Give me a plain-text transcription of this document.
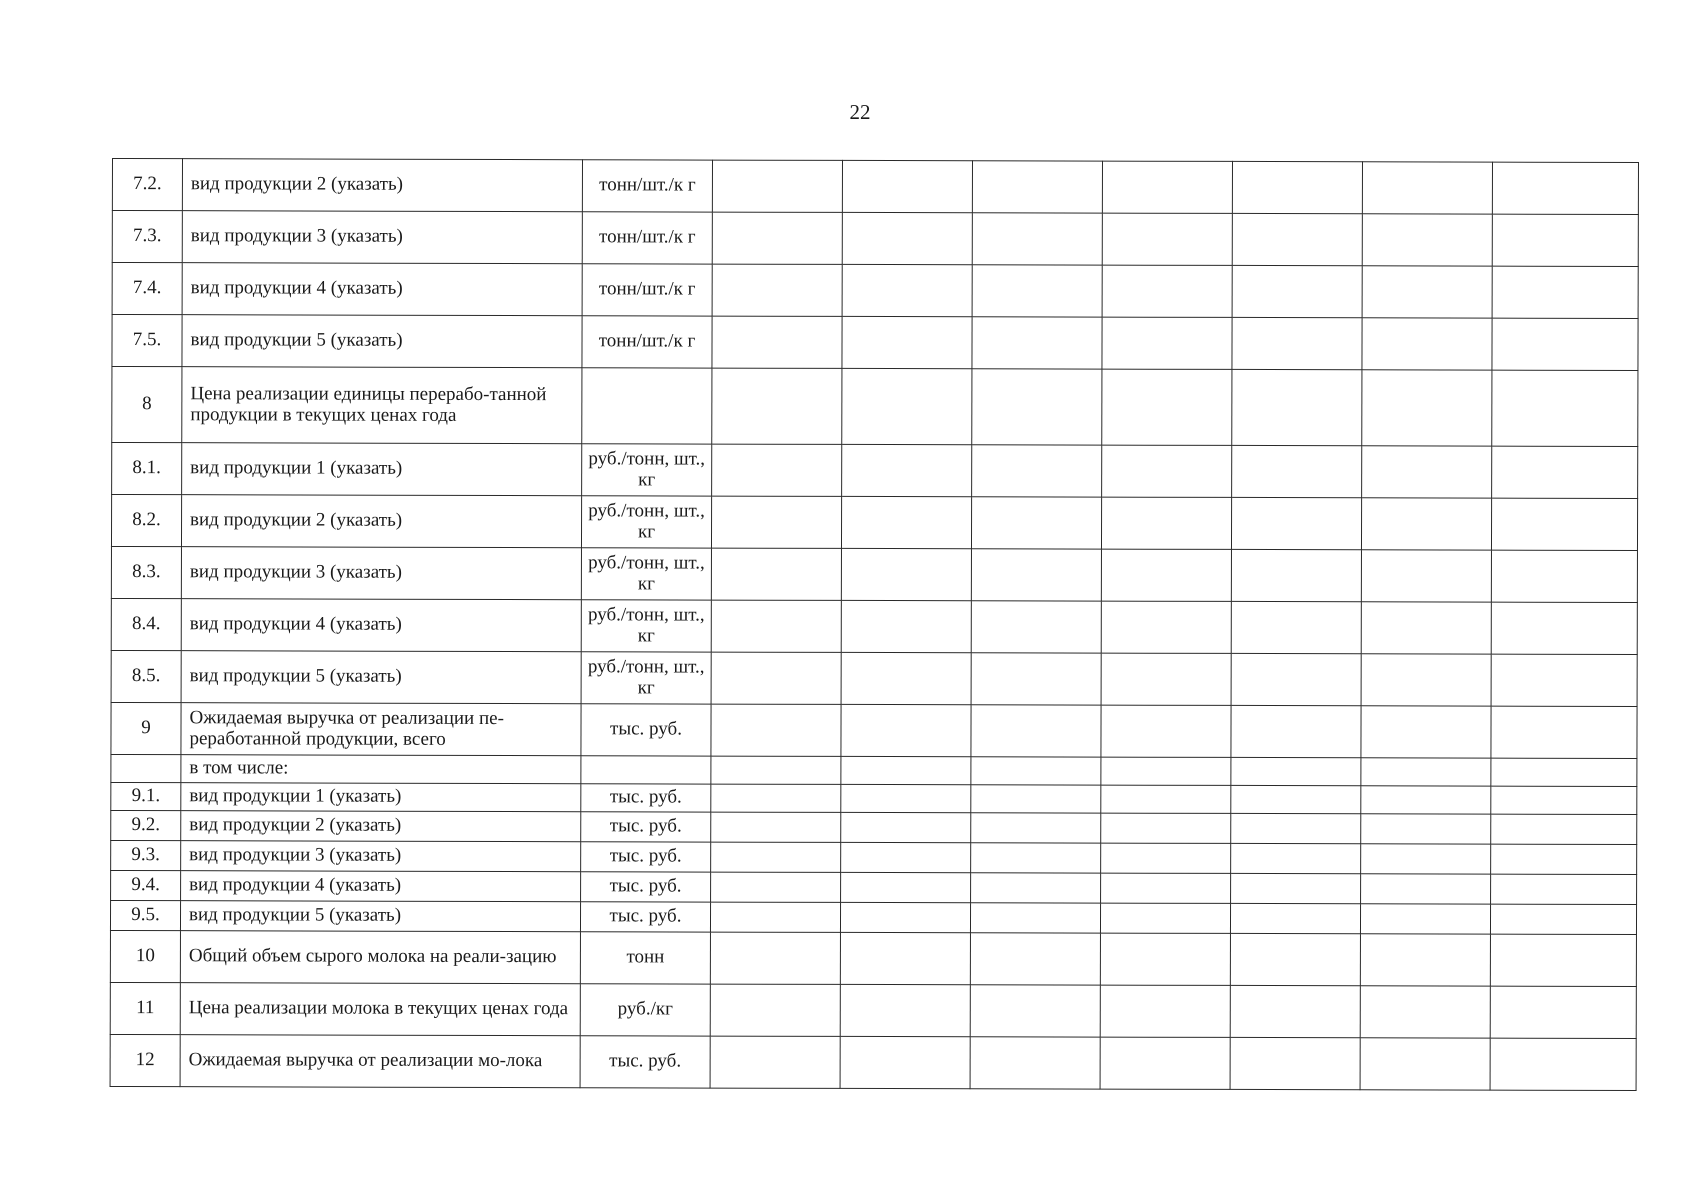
22
7.2.	вид продукции 2 (указать)	тонн/шт./к г							
7.3.	вид продукции 3 (указать)	тонн/шт./к г							
7.4.	вид продукции 4 (указать)	тонн/шт./к г							
7.5.	вид продукции 5 (указать)	тонн/шт./к г							
8	Цена реализации единицы перерабо-танной продукции в текущих ценах года								
8.1.	вид продукции 1 (указать)	руб./тонн, шт., кг							
8.2.	вид продукции 2 (указать)	руб./тонн, шт., кг							
8.3.	вид продукции 3 (указать)	руб./тонн, шт., кг							
8.4.	вид продукции 4 (указать)	руб./тонн, шт., кг							
8.5.	вид продукции 5 (указать)	руб./тонн, шт., кг							
9	Ожидаемая выручка от реализации пе-реработанной продукции, всего	тыс. руб.							
	в том числе:								
9.1.	вид продукции 1 (указать)	тыс. руб.							
9.2.	вид продукции 2 (указать)	тыс. руб.							
9.3.	вид продукции 3 (указать)	тыс. руб.							
9.4.	вид продукции 4 (указать)	тыс. руб.							
9.5.	вид продукции 5 (указать)	тыс. руб.							
10	Общий объем сырого молока на реали-зацию	тонн							
11	Цена реализации молока в текущих ценах года	руб./кг							
12	Ожидаемая выручка от реализации мо-лока	тыс. руб.							
